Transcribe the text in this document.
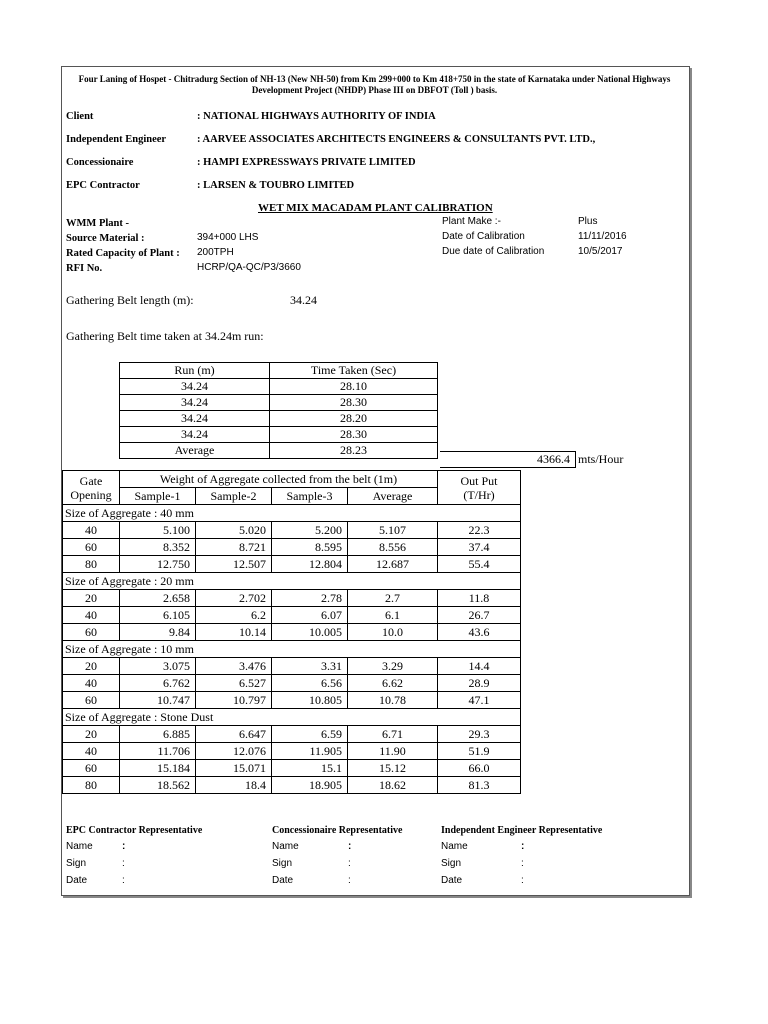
Four Laning of Hospet - Chitradurg Section of NH-13 (New NH-50) from Km 299+000 to Km 418+750 in the state of Karnataka under National Highways Development Project (NHDP) Phase III on DBFOT (Toll ) basis.
Client	: NATIONAL HIGHWAYS AUTHORITY OF INDIA
Independent Engineer	: AARVEE ASSOCIATES ARCHITECTS ENGINEERS & CONSULTANTS PVT. LTD.,
Concessionaire	: HAMPI EXPRESSWAYS PRIVATE LIMITED
EPC Contractor	: LARSEN & TOUBRO LIMITED
WET MIX MACADAM PLANT CALIBRATION
WMM Plant -
Source Material :	394+000 LHS
Rated Capacity of Plant : 200TPH
RFI No.	HCRP/QA-QC/P3/3660
Plant Make :-	Plus
Date of Calibration	11/11/2016
Due date of Calibration	10/5/2017
Gathering Belt length (m):	34.24
Gathering Belt time taken at 34.24m run:
Run (m)	Time Taken (Sec)
34.24	28.10
34.24	28.30
34.24	28.20
34.24	28.30
Average	28.23
4366.4 mts/Hour
Gate Opening
Weight of Aggregate collected from the belt (1m)	Out Put (T/Hr)
Sample-1	Sample-2	Sample-3	Average
Size of Aggregate : 40 mm
40	5.100	5.020	5.200	5.107	22.3
60	8.352	8.721	8.595	8.556	37.4
80	12.750	12.507	12.804	12.687	55.4
Size of Aggregate : 20 mm
20	2.658	2.702	2.78	2.7	11.8
40	6.105	6.2	6.07	6.1	26.7
60	9.84	10.14	10.005	10.0	43.6
Size of Aggregate : 10 mm
20	3.075	3.476	3.31	3.29	14.4
40	6.762	6.527	6.56	6.62	28.9
60	10.747	10.797	10.805	10.78	47.1
Size of Aggregate : Stone Dust
20	6.885	6.647	6.59	6.71	29.3
40	11.706	12.076	11.905	11.90	51.9
60	15.184	15.071	15.1	15.12	66.0
80	18.562	18.4	18.905	18.62	81.3
EPC Contractor Representative
Name	:
Sign	:
Date	:
Concessionaire Representative
Name	:
Sign	:
Date	:
Independent Engineer Representative
Name	:
Sign	:
Date	:
